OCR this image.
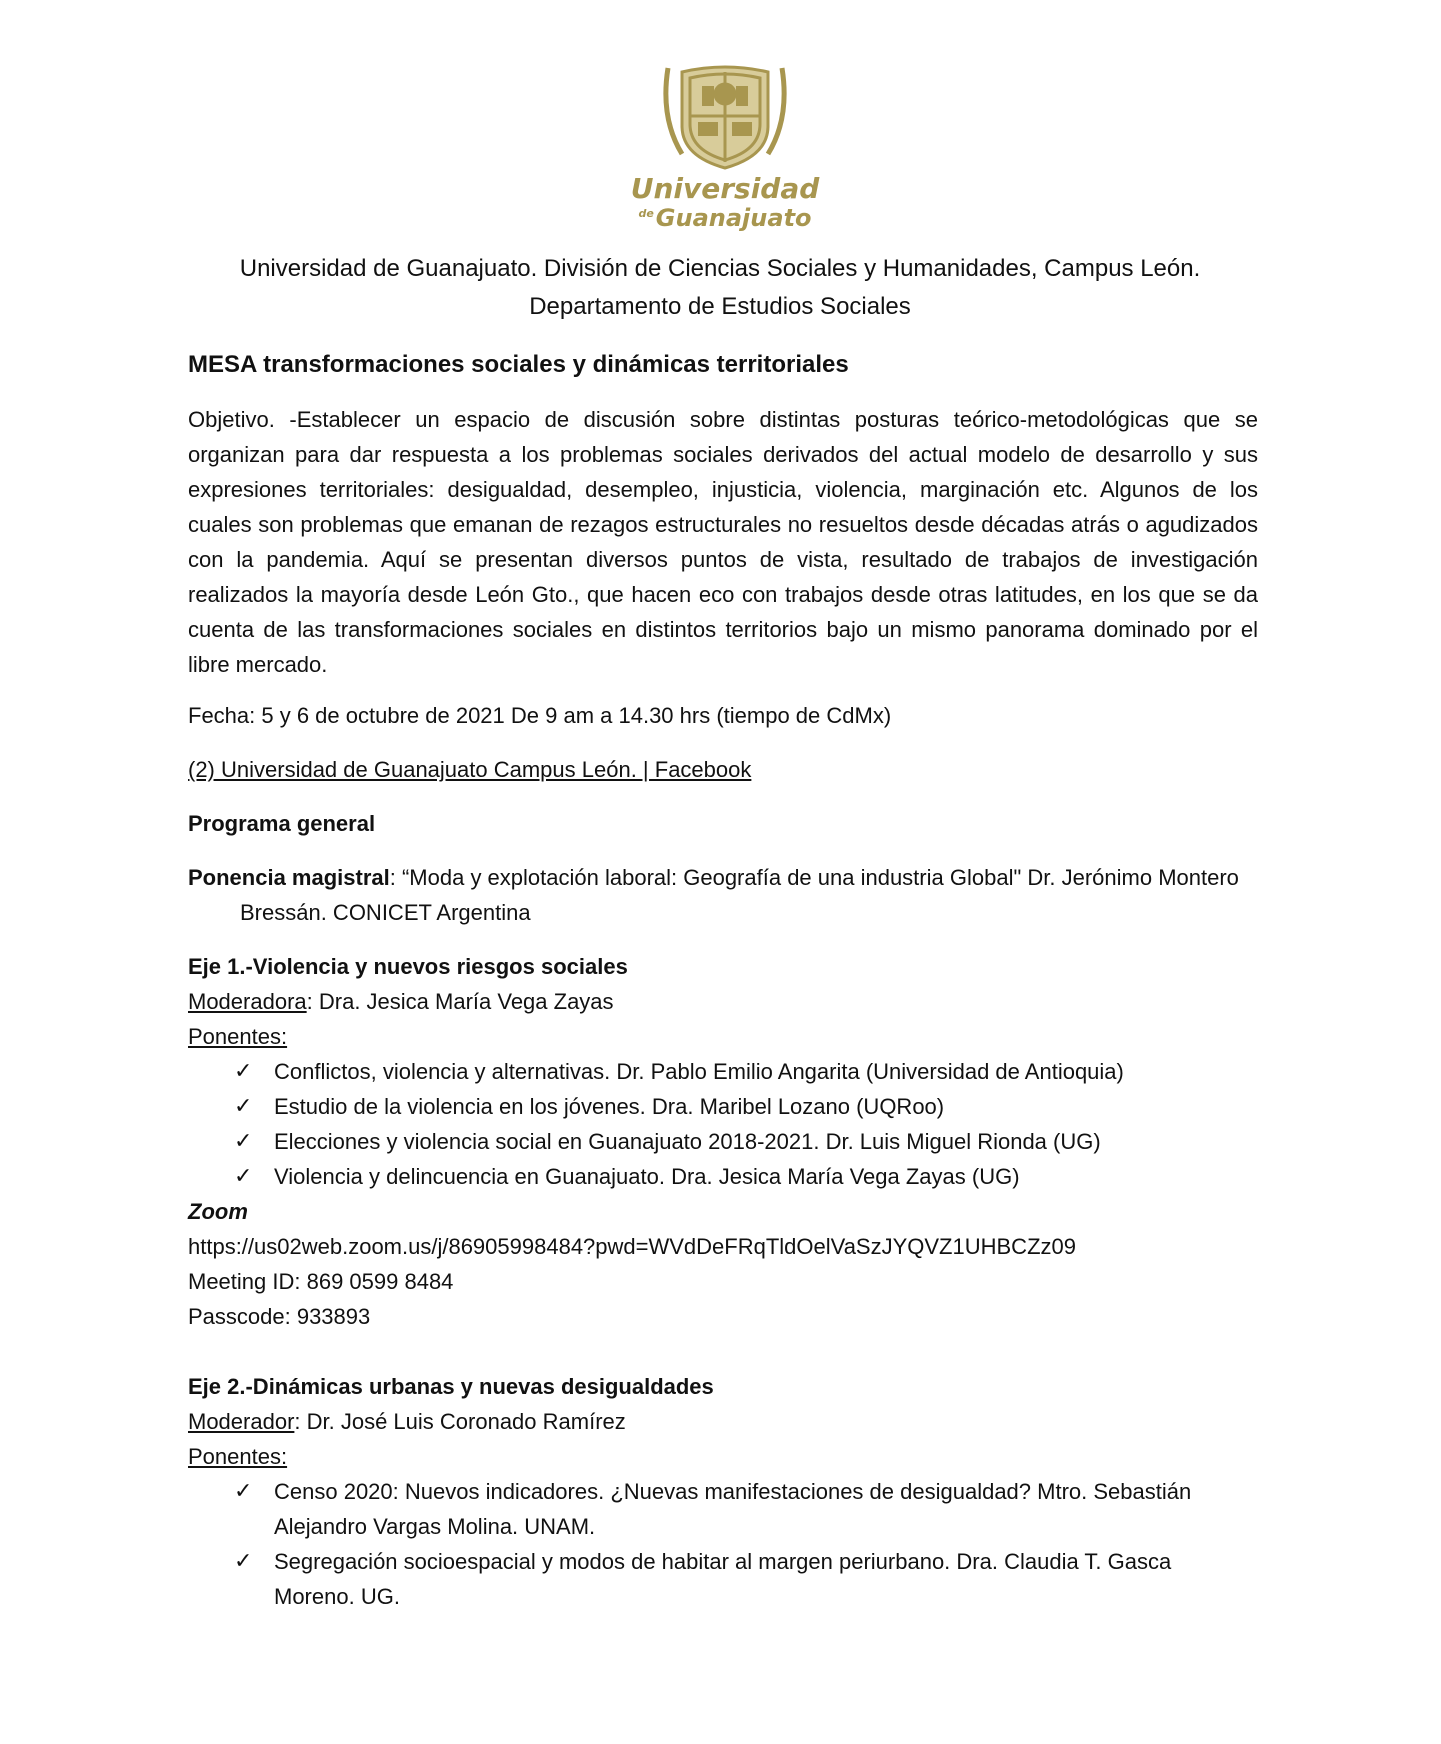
Universidad
$^{de}$Guanajuato
Universidad de Guanajuato. División de Ciencias Sociales y Humanidades, Campus León.
Departamento de Estudios Sociales
MESA transformaciones sociales y dinámicas territoriales

Objetivo. -Establecer un espacio de discusión sobre distintas posturas teórico-metodológicas que se organizan para dar respuesta a los problemas sociales derivados del actual modelo de desarrollo y sus expresiones territoriales: desigualdad, desempleo, injusticia, violencia, marginación etc. Algunos de los cuales son problemas que emanan de rezagos estructurales no resueltos desde décadas atrás o agudizados con la pandemia. Aquí se presentan diversos puntos de vista, resultado de trabajos de investigación realizados la mayoría desde León Gto., que hacen eco con trabajos desde otras latitudes, en los que se da cuenta de las transformaciones sociales en distintos territorios bajo un mismo panorama dominado por el libre mercado.

Fecha: 5 y 6 de octubre de 2021 De 9 am a 14.30 hrs (tiempo de CdMx)

(2) Universidad de Guanajuato Campus León. | Facebook

Programa general

Ponencia magistral: “Moda y explotación laboral: Geografía de una industria Global" Dr. Jerónimo Montero Bressán. CONICET Argentina

Eje 1.-Violencia y nuevos riesgos sociales

Moderadora: Dra. Jesica María Vega Zayas

Ponentes:

✓ Conflictos, violencia y alternativas. Dr. Pablo Emilio Angarita (Universidad de Antioquia)
✓ Estudio de la violencia en los jóvenes. Dra. Maribel Lozano (UQRoo)
✓ Elecciones y violencia social en Guanajuato 2018-2021. Dr. Luis Miguel Rionda (UG)
✓ Violencia y delincuencia en Guanajuato. Dra. Jesica María Vega Zayas (UG)

Zoom

https://us02web.zoom.us/j/86905998484?pwd=WVdDeFRqTldOelVaSzJYQVZ1UHBCZz09

Meeting ID: 869 0599 8484

Passcode: 933893

Eje 2.-Dinámicas urbanas y nuevas desigualdades

Moderador: Dr. José Luis Coronado Ramírez

Ponentes:

✓ Censo 2020: Nuevos indicadores. ¿Nuevas manifestaciones de desigualdad? Mtro. Sebastián Alejandro Vargas Molina. UNAM.
✓ Segregación socioespacial y modos de habitar al margen periurbano. Dra. Claudia T. Gasca Moreno. UG.
